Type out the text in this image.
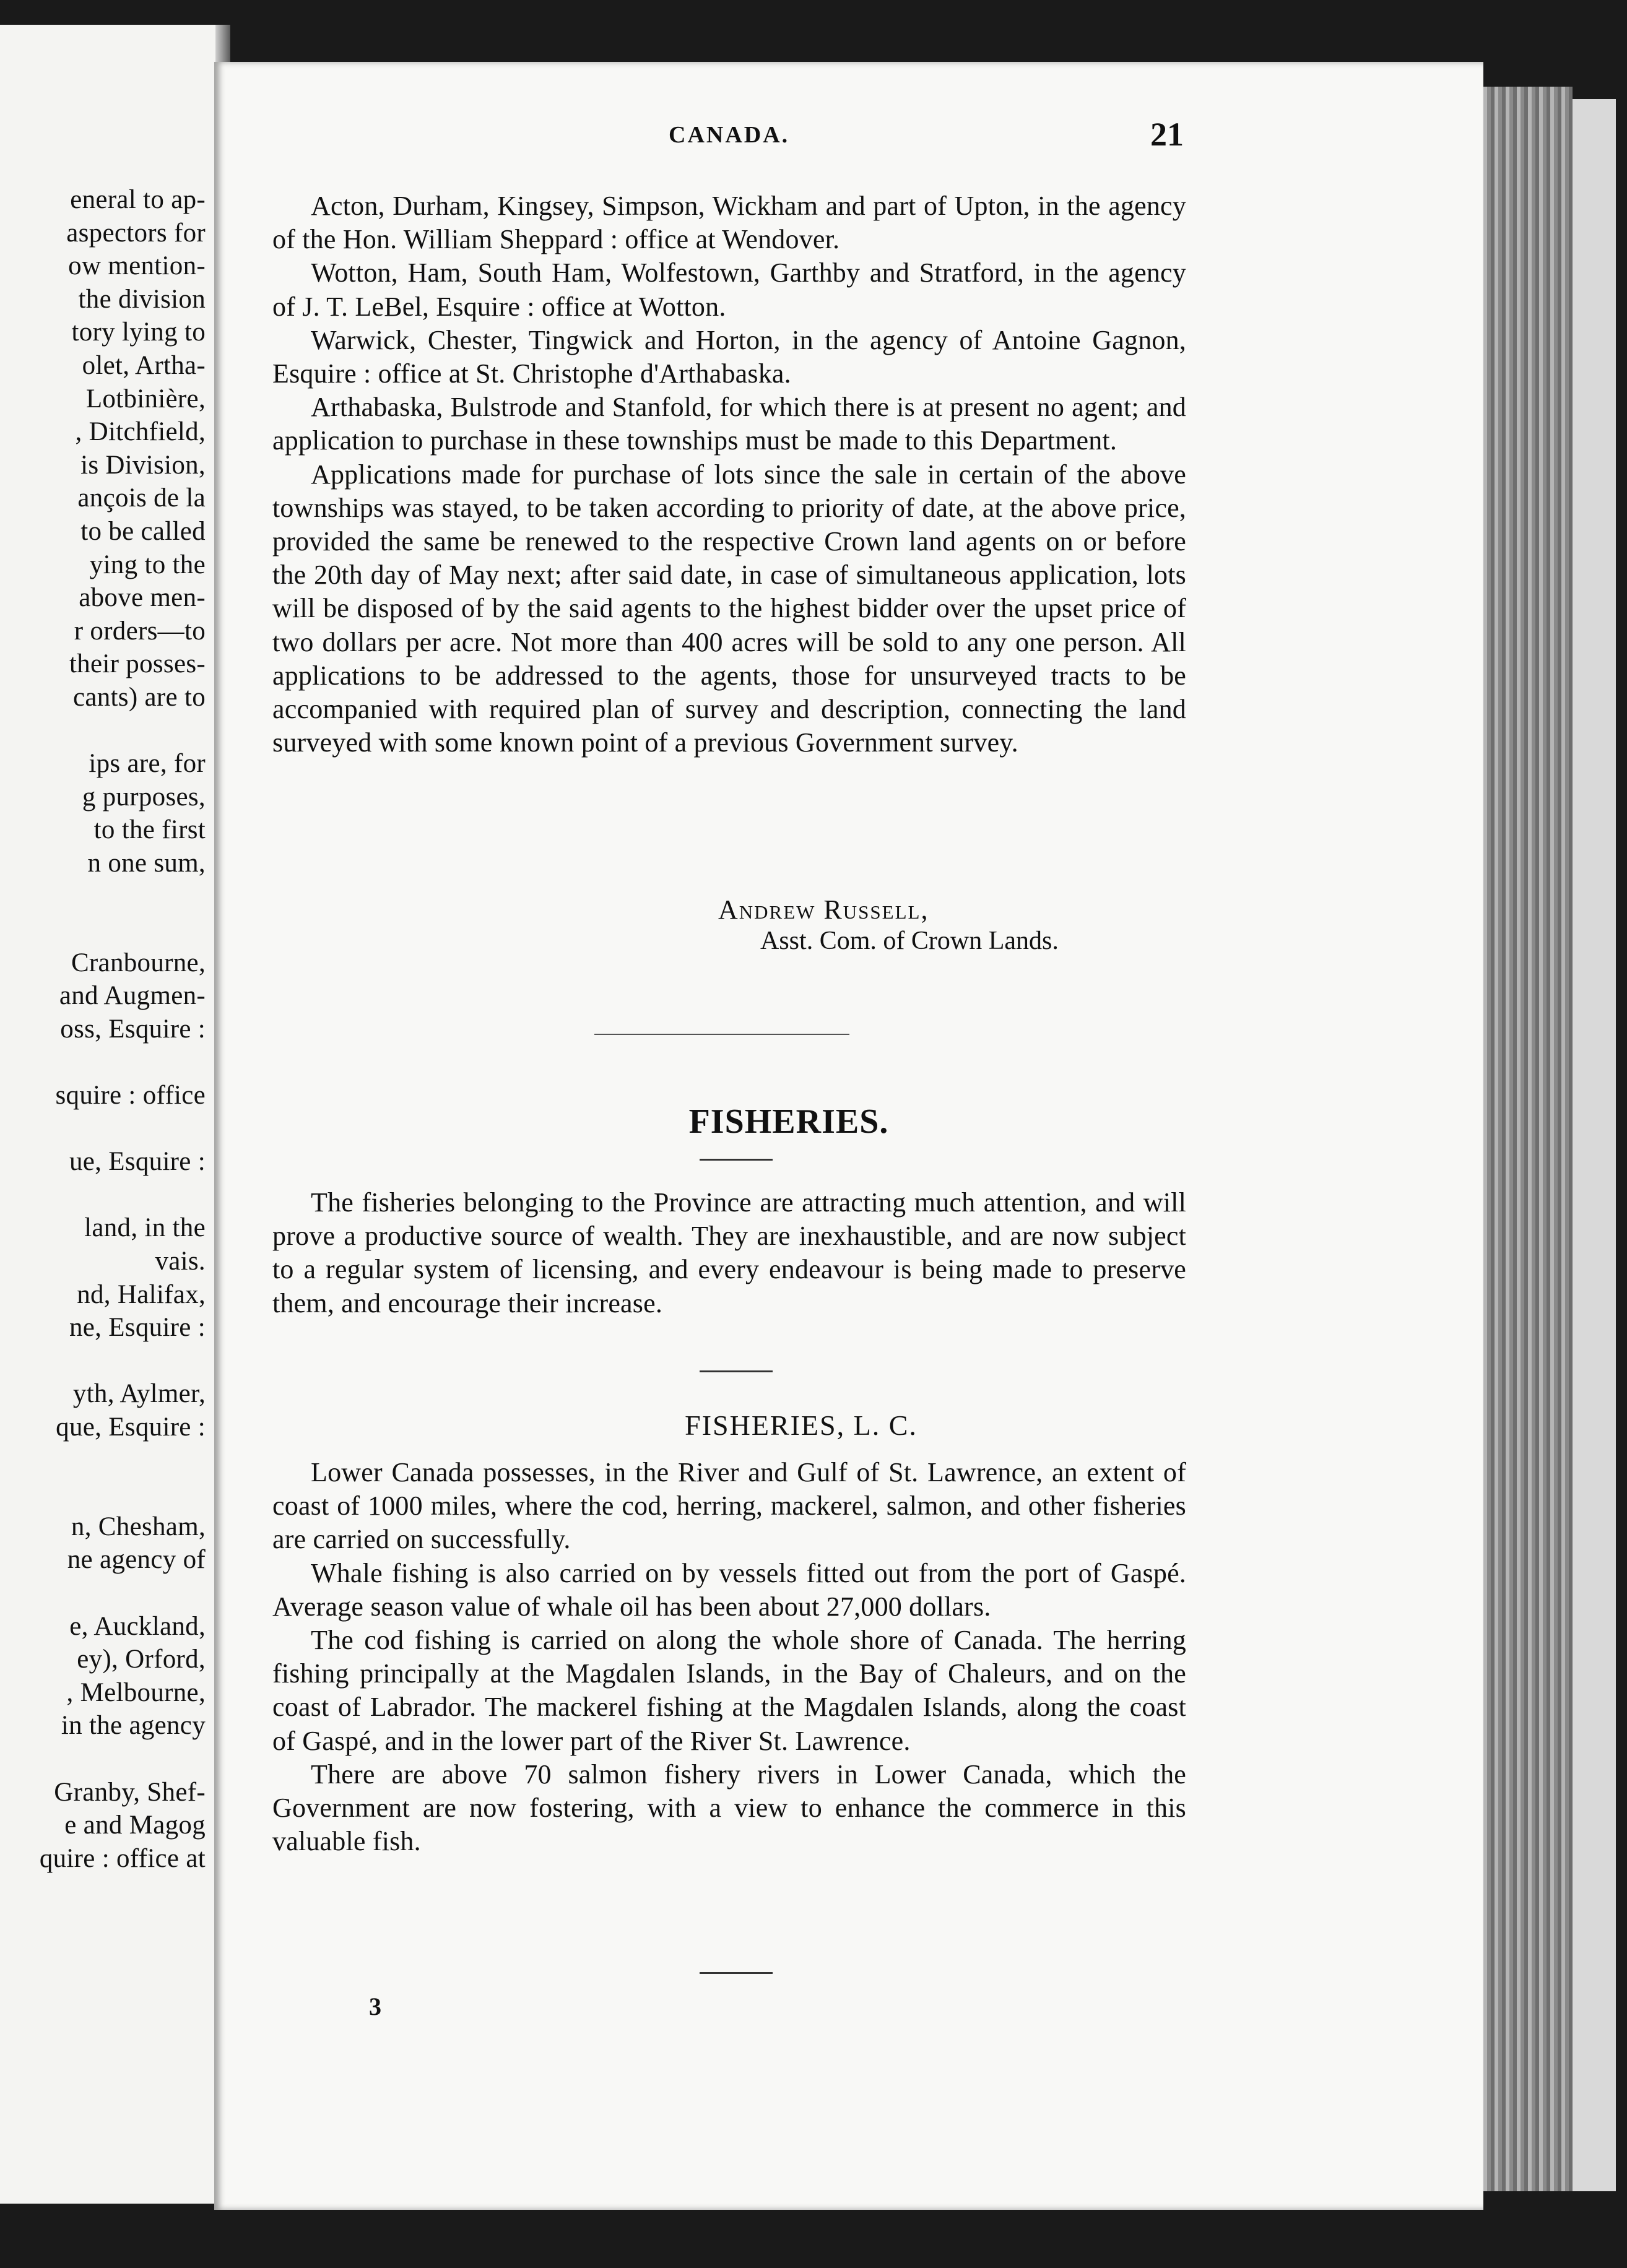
eneral to ap-
aspectors for
ow mention-
the division
tory lying to
olet, Artha-
Lotbinière,
, Ditchfield,
is Division,
ançois de la
to be called
ying to the
above men-
r orders—to
their posses-
cants) are to
ips are, for
g purposes,
to the first
n one sum,
Cranbourne,
and Augmen-
oss, Esquire :
squire : office
ue, Esquire :
land, in the
vais.
nd, Halifax,
ne, Esquire :
yth, Aylmer,
que, Esquire :
n, Chesham,
ne agency of
e, Auckland,
ey), Orford,
, Melbourne,
in the agency
Granby, Shef-
e and Magog
quire : office at
CANADA.	21

Acton, Durham, Kingsey, Simpson, Wickham and part of Upton, in the agency of the Hon. William Sheppard : office at Wendover.

Wotton, Ham, South Ham, Wolfestown, Garthby and Stratford, in the agency of J. T. LeBel, Esquire : office at Wotton.

Warwick, Chester, Tingwick and Horton, in the agency of Antoine Gagnon, Esquire : office at St. Christophe d'Arthabaska.

Arthabaska, Bulstrode and Stanfold, for which there is at present no agent; and application to purchase in these townships must be made to this Department.

Applications made for purchase of lots since the sale in certain of the above townships was stayed, to be taken according to priority of date, at the above price, provided the same be renewed to the respective Crown land agents on or before the 20th day of May next; after said date, in case of simultaneous application, lots will be disposed of by the said agents to the highest bidder over the upset price of two dollars per acre. Not more than 400 acres will be sold to any one person. All applications to be addressed to the agents, those for unsurveyed tracts to be accompanied with required plan of survey and description, connecting the land surveyed with some known point of a previous Government survey.

Andrew Russell,
Asst. Com. of Crown Lands.
FISHERIES.

The fisheries belonging to the Province are attracting much attention, and will prove a productive source of wealth. They are inexhaustible, and are now subject to a regular system of licensing, and every endeavour is being made to preserve them, and encourage their increase.

FISHERIES, L. C.

Lower Canada possesses, in the River and Gulf of St. Lawrence, an extent of coast of 1000 miles, where the cod, herring, mackerel, salmon, and other fisheries are carried on successfully.

Whale fishing is also carried on by vessels fitted out from the port of Gaspé. Average season value of whale oil has been about 27,000 dollars.

The cod fishing is carried on along the whole shore of Canada. The herring fishing principally at the Magdalen Islands, in the Bay of Chaleurs, and on the coast of Labrador. The mackerel fishing at the Magdalen Islands, along the coast of Gaspé, and in the lower part of the River St. Lawrence.

There are above 70 salmon fishery rivers in Lower Canada, which the Government are now fostering, with a view to enhance the commerce in this valuable fish.

3
